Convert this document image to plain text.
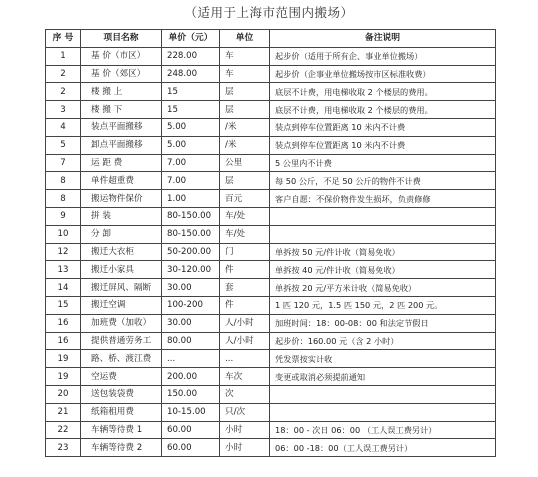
（适用于上海市范围内搬场）
序 号	项目名称	单价（元）	单位	备注说明
1	基 价（市区）	228.00	车	起步价（适用于所有企、事业单位搬场）
2	基 价（郊区）	248.00	车	起步价（企事业单位搬场按市区标准收费）
2	楼 搬 上	15	层	底层不计费，用电梯收取 2 个楼层的费用。
3	楼 搬 下	15	层	底层不计费，用电梯收取 2 个楼层的费用。
4	装点平面搬移	5.00	/米	装点到停车位置距离 10 米内不计费
5	卸点平面搬移	5.00	/米	装点到停车位置距离 10 米内不计费
7	运 距 费	7.00	公里	5 公里内不计费
8	单件超重费	7.00	层	每 50 公斤，不足 50 公斤的物件不计费
8	搬运物件保价	1.00	百元	客户自愿：不保价物件发生损坏，负责修修
9	拼 装	80-150.00	车/处	
10	分 卸	80-150.00	车/处	
12	搬迁大衣柜	50-200.00	门	单拆按 50 元/件计收（简易免收）
13	搬迁小家具	30-120.00	件	单拆按 40 元/件计收（简易免收）
14	搬迁屏风、隔断	30.00	套	单拆按 20 元/平方米计收（简易免收）
15	搬迁空调	100-200	件	1 匹 120 元，1.5 匹 150 元，2 匹 200 元。
16	加班费（加收）	30.00	人/小时	加班时间：18：00-08：00 和法定节假日
16	提供普通劳务工	80.00	人/小时	起步价：160.00 元（含 2 小时）
19	路、桥、渡江费	...	...	凭发票按实计收
19	空运费	200.00	车次	变更或取消必须提前通知
20	送包装袋费	150.00	次	
21	纸箱租用费	10-15.00	只/次	
22	车辆等待费 1	60.00	小时	18：00 - 次日 06：00 （工人误工费另计）
23	车辆等待费 2	60.00	小时	06：00 -18：00（工人误工费另计）
